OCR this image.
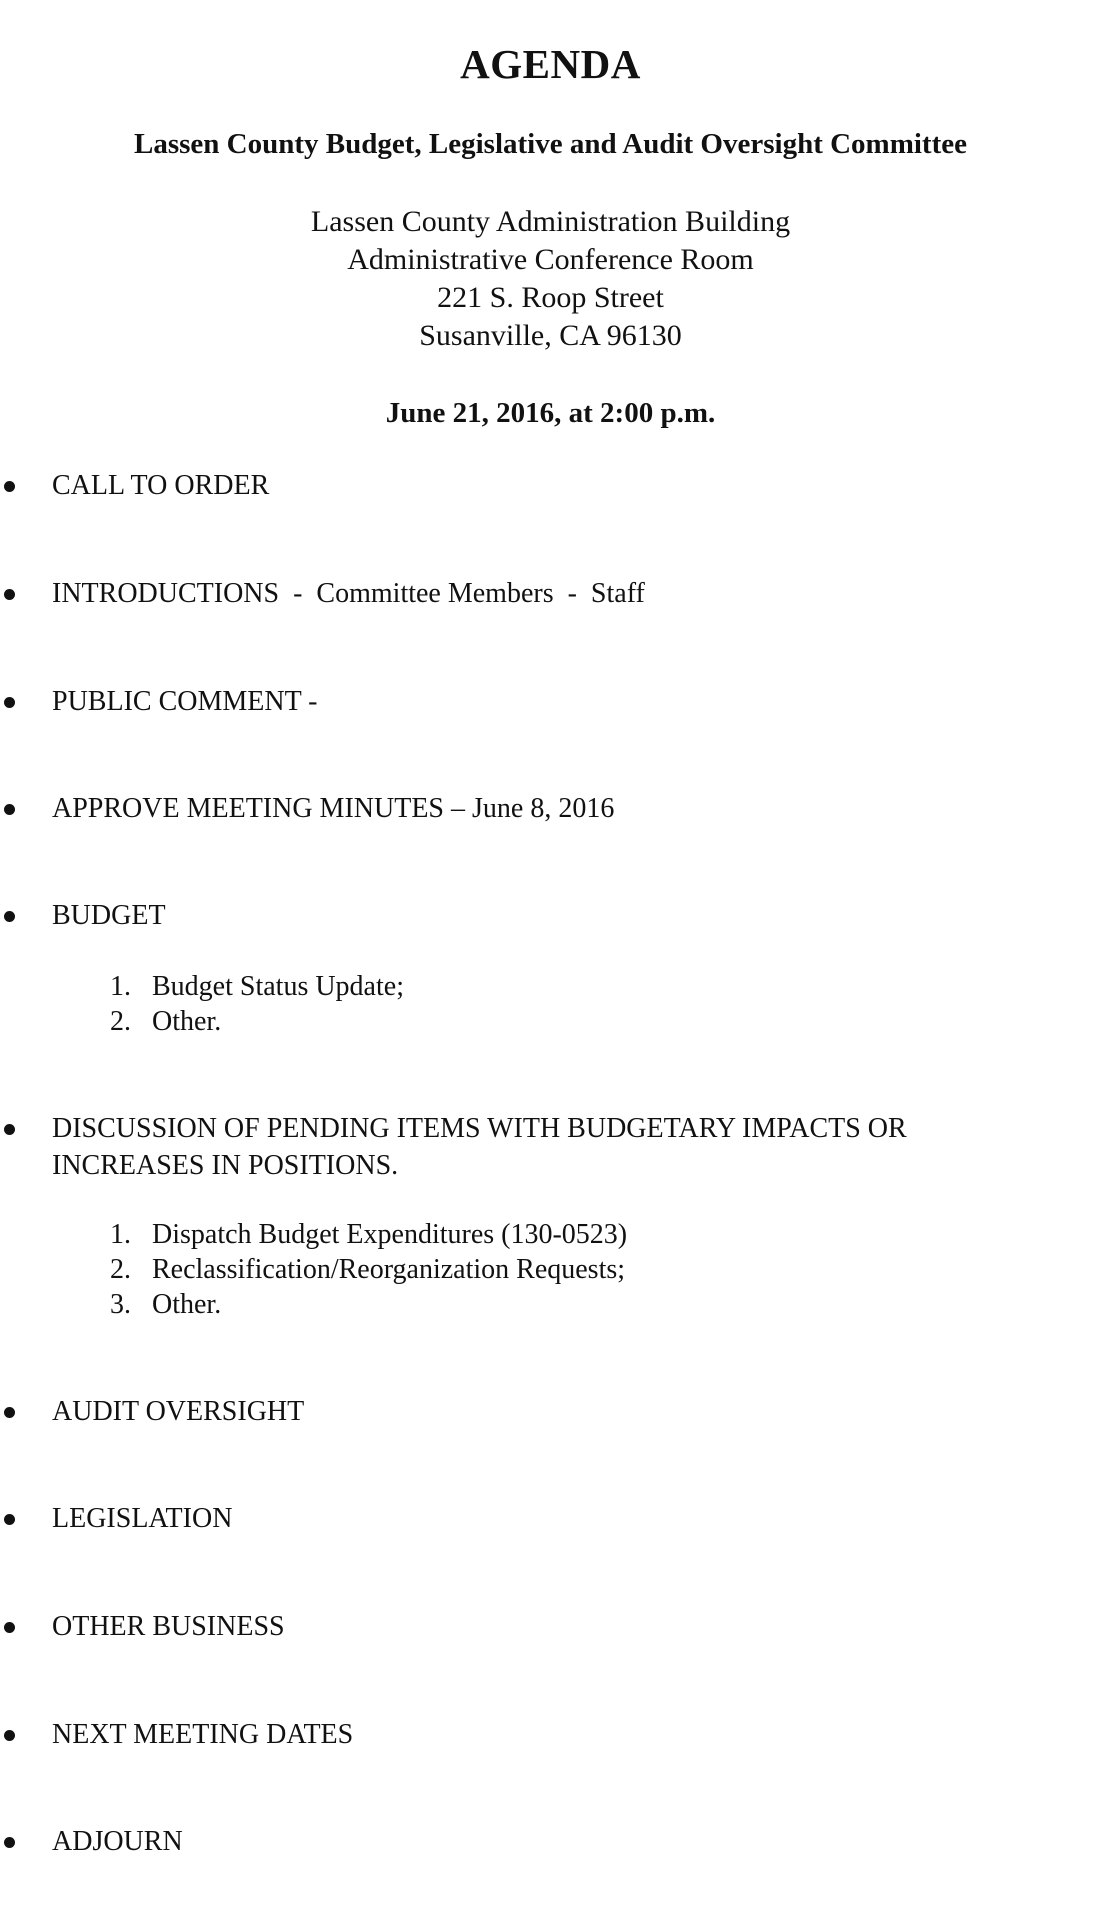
AGENDA
Lassen County Budget, Legislative and Audit Oversight Committee
Lassen County Administration Building
Administrative Conference Room
221 S. Roop Street
Susanville, CA 96130
June 21, 2016, at 2:00 p.m.
CALL TO ORDER
INTRODUCTIONS  -  Committee Members  -  Staff
PUBLIC COMMENT -
APPROVE MEETING MINUTES – June 8, 2016
BUDGET
1. Budget Status Update;
2. Other.
DISCUSSION OF PENDING ITEMS WITH BUDGETARY IMPACTS OR INCREASES IN POSITIONS.
1. Dispatch Budget Expenditures (130-0523)
2. Reclassification/Reorganization Requests;
3. Other.
AUDIT OVERSIGHT
LEGISLATION
OTHER BUSINESS
NEXT MEETING DATES
ADJOURN
